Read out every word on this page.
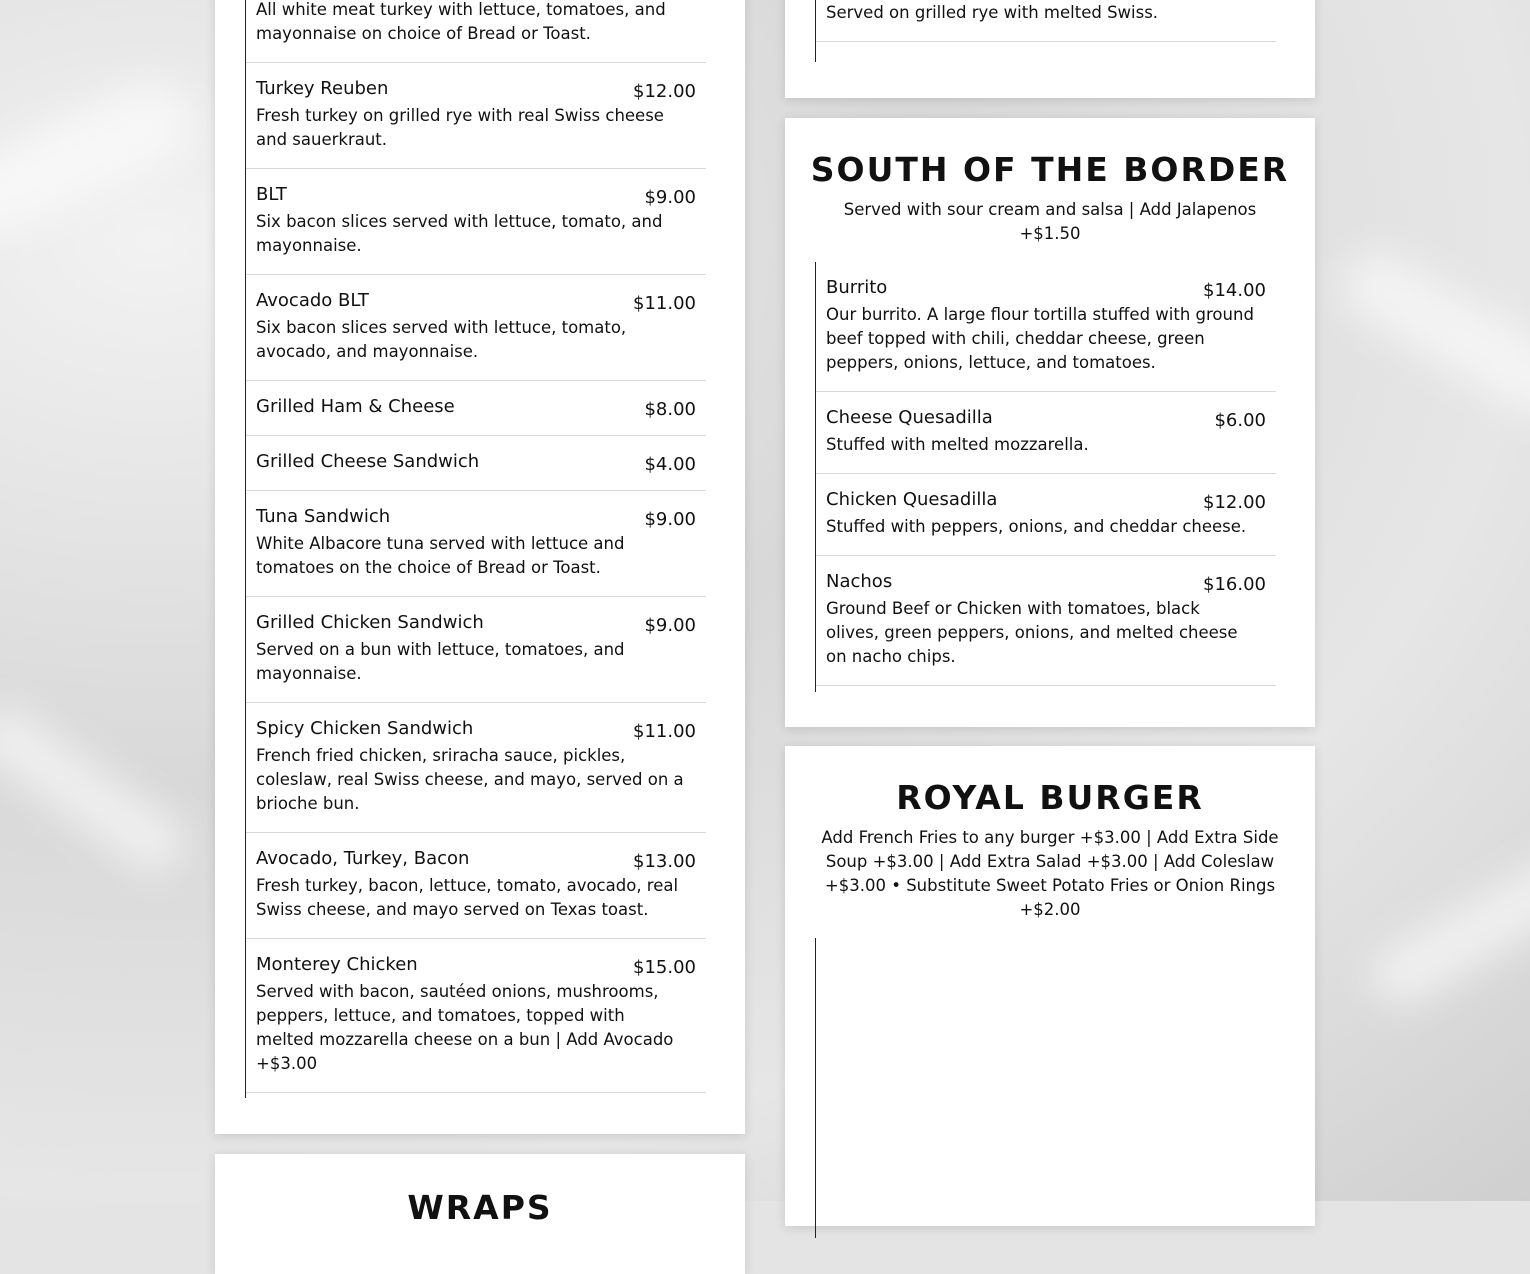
All white meat turkey with lettuce, tomatoes, and mayonnaise on choice of Bread or Toast.
Turkey Reuben	$12.00
Fresh turkey on grilled rye with real Swiss cheese and sauerkraut.
BLT	$9.00
Six bacon slices served with lettuce, tomato, and mayonnaise.
Avocado BLT	$11.00
Six bacon slices served with lettuce, tomato, avocado, and mayonnaise.
Grilled Ham & Cheese	$8.00
Grilled Cheese Sandwich	$4.00
Tuna Sandwich	$9.00
White Albacore tuna served with lettuce and tomatoes on the choice of Bread or Toast.
Grilled Chicken Sandwich	$9.00
Served on a bun with lettuce, tomatoes, and mayonnaise.
Spicy Chicken Sandwich	$11.00
French fried chicken, sriracha sauce, pickles, coleslaw, real Swiss cheese, and mayo, served on a brioche bun.
Avocado, Turkey, Bacon	$13.00
Fresh turkey, bacon, lettuce, tomato, avocado, real Swiss cheese, and mayo served on Texas toast.
Monterey Chicken	$15.00
Served with bacon, sautéed onions, mushrooms, peppers, lettuce, and tomatoes, topped with melted mozzarella cheese on a bun | Add Avocado +$3.00
WRAPS
Served on grilled rye with melted Swiss.
SOUTH OF THE BORDER
Served with sour cream and salsa | Add Jalapenos +$1.50
Burrito	$14.00
Our burrito. A large flour tortilla stuffed with ground beef topped with chili, cheddar cheese, green peppers, onions, lettuce, and tomatoes.
Cheese Quesadilla	$6.00
Stuffed with melted mozzarella.
Chicken Quesadilla	$12.00
Stuffed with peppers, onions, and cheddar cheese.
Nachos	$16.00
Ground Beef or Chicken with tomatoes, black olives, green peppers, onions, and melted cheese on nacho chips.
ROYAL BURGER
Add French Fries to any burger +$3.00 | Add Extra Side Soup +$3.00 | Add Extra Salad +$3.00 | Add Coleslaw +$3.00 • Substitute Sweet Potato Fries or Onion Rings +$2.00
